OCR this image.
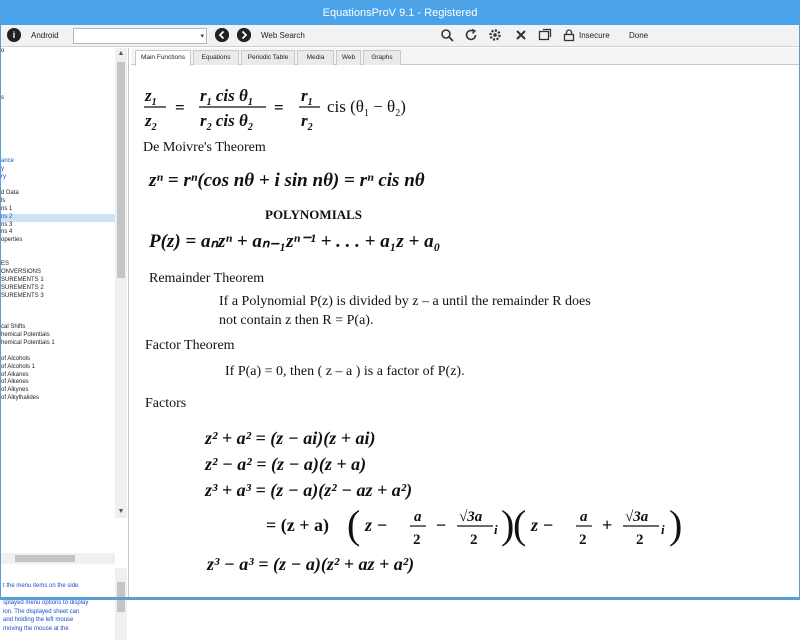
EquationsProV 9.1 - Registered
i	Android	▾	Web Search	Insecure Done
o
s
ance
y
ry
d Data
ls
ns 1
ns 2
ns 3
ns 4
operties
ES
ONVERSIONS
SUREMENTS 1
SUREMENTS 2
SUREMENTS 3
cal Shifts
hemical Potentials
hemical Potentials 1
of Alcohols
of Alcohols 1
of Alkanes
of Alkenes
of Alkynes
of Alkylhalides
▲
▼
t the menu items on the side
splayed menu options to display
ion. The displayed sheet can
and holding the left mouse
moving the mouse at the
Main Functions	Equations	Periodic Table	Media	Web	Graphs
$z_1$
$z_2$
=
$r_1$ cis $\theta_1$
$r_2$ cis $\theta_2$
=
$r_1$
$r_2$
cis $(\theta_1 - \theta_2)$
= (z + a) ( z − a
2
− √3a
2
i )
( z − a
2
+ √3a
2
i )
De Moivre's Theorem
zⁿ = rⁿ(cos nθ + i sin nθ) = rⁿ cis nθ
POLYNOMIALS
P(z) = aₙzⁿ + aₙ₋₁zⁿ⁻¹ + . . . + a₁z + a₀
Remainder Theorem
If a Polynomial P(z) is divided by z – a until the remainder R does
not contain z then R = P(a).
Factor Theorem
If P(a) = 0, then ( z – a ) is a factor of P(z).
Factors
z² + a² = (z − ai)(z + ai)
z² − a² = (z − a)(z + a)
z³ + a³ = (z − a)(z² − az + a²)
z³ − a³ = (z − a)(z² + az + a²)
